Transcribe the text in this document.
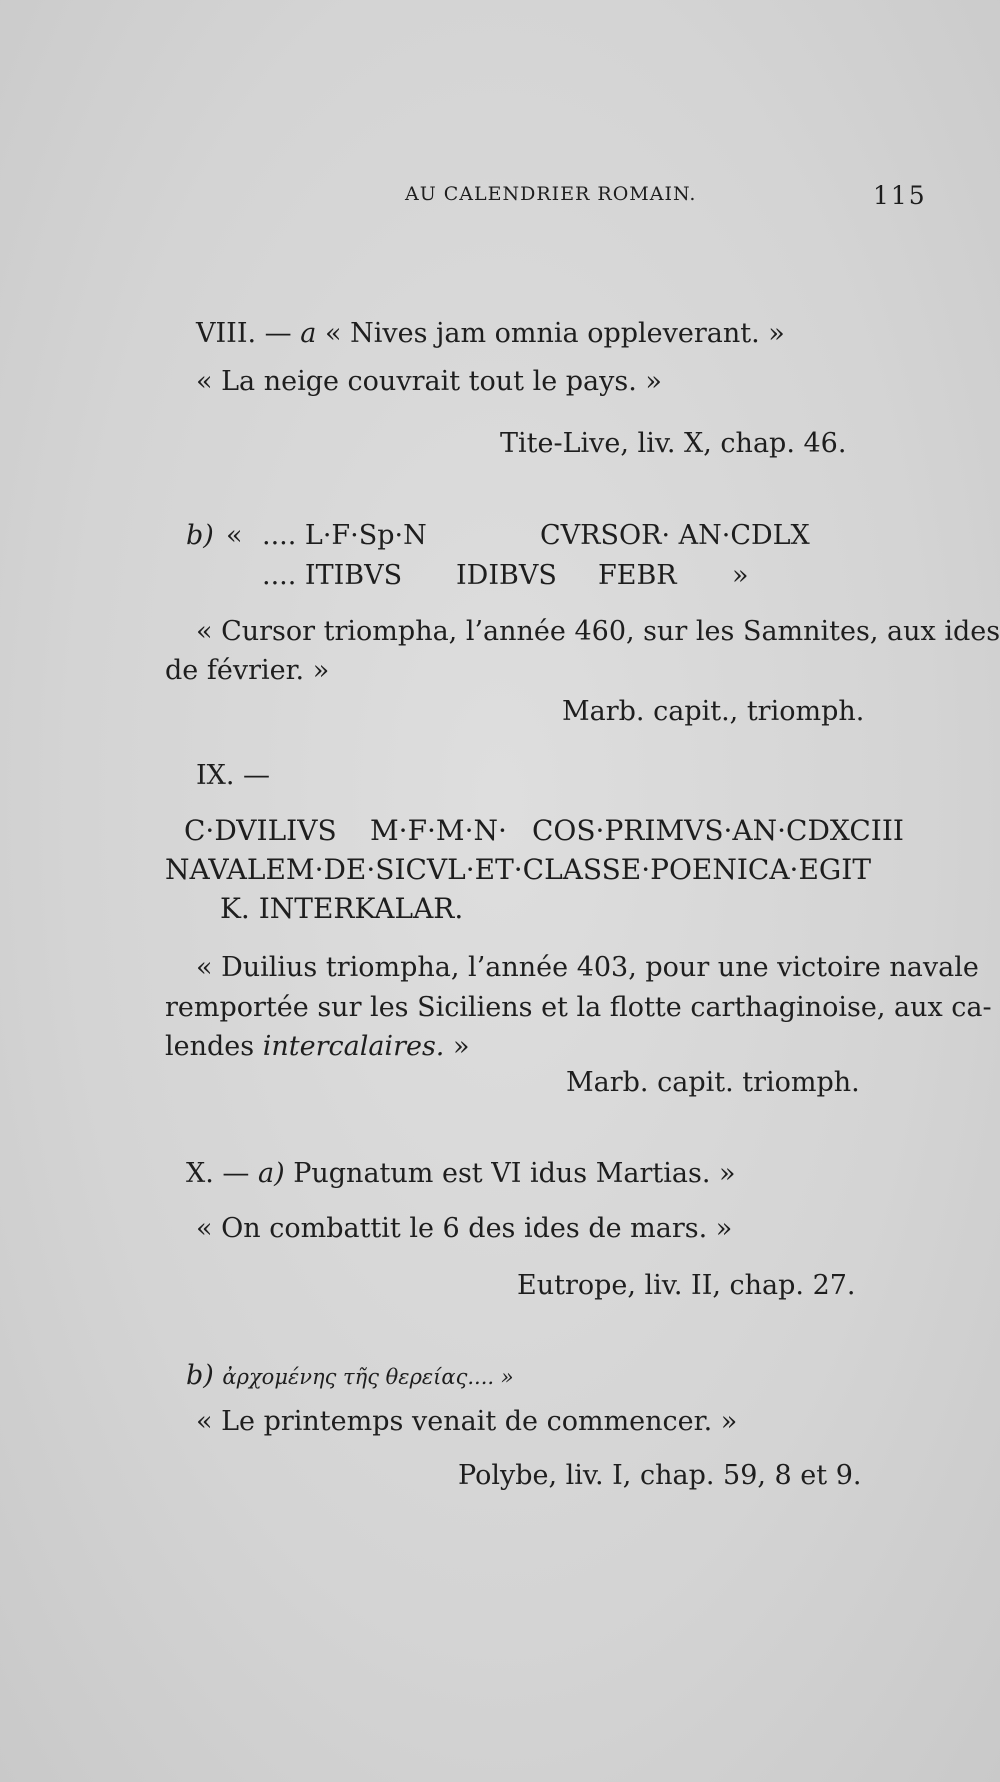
AU CALENDRIER ROMAIN.	115
VIII. — a « Nives jam omnia oppleverant. »
« La neige couvrait tout le pays. »
Tite-Live, liv. X, chap. 46.
b) « .... L·F·Sp·N	CVRSOR· AN·CDLX
.... ITIBVS IDIBVS FEBR »
« Cursor triompha, l’année 460, sur les Samnites, aux ides
de février. »
Marb. capit., triomph.
IX. —
C·DVILIVS M·F·M·N· COS·PRIMVS·AN·CDXCIII
NAVALEM·DE·SICVL·ET·CLASSE·POENICA·EGIT
K. INTERKALAR.
« Duilius triompha, l’année 403, pour une victoire navale
remportée sur les Siciliens et la flotte carthaginoise, aux ca-
lendes intercalaires. »
Marb. capit. triomph.
X. — a) Pugnatum est VI idus Martias. »
« On combattit le 6 des ides de mars. »
Eutrope, liv. II, chap. 27.
b) ἀρχομένης τῆς θερείας.... »
« Le printemps venait de commencer. »
Polybe, liv. I, chap. 59, 8 et 9.
